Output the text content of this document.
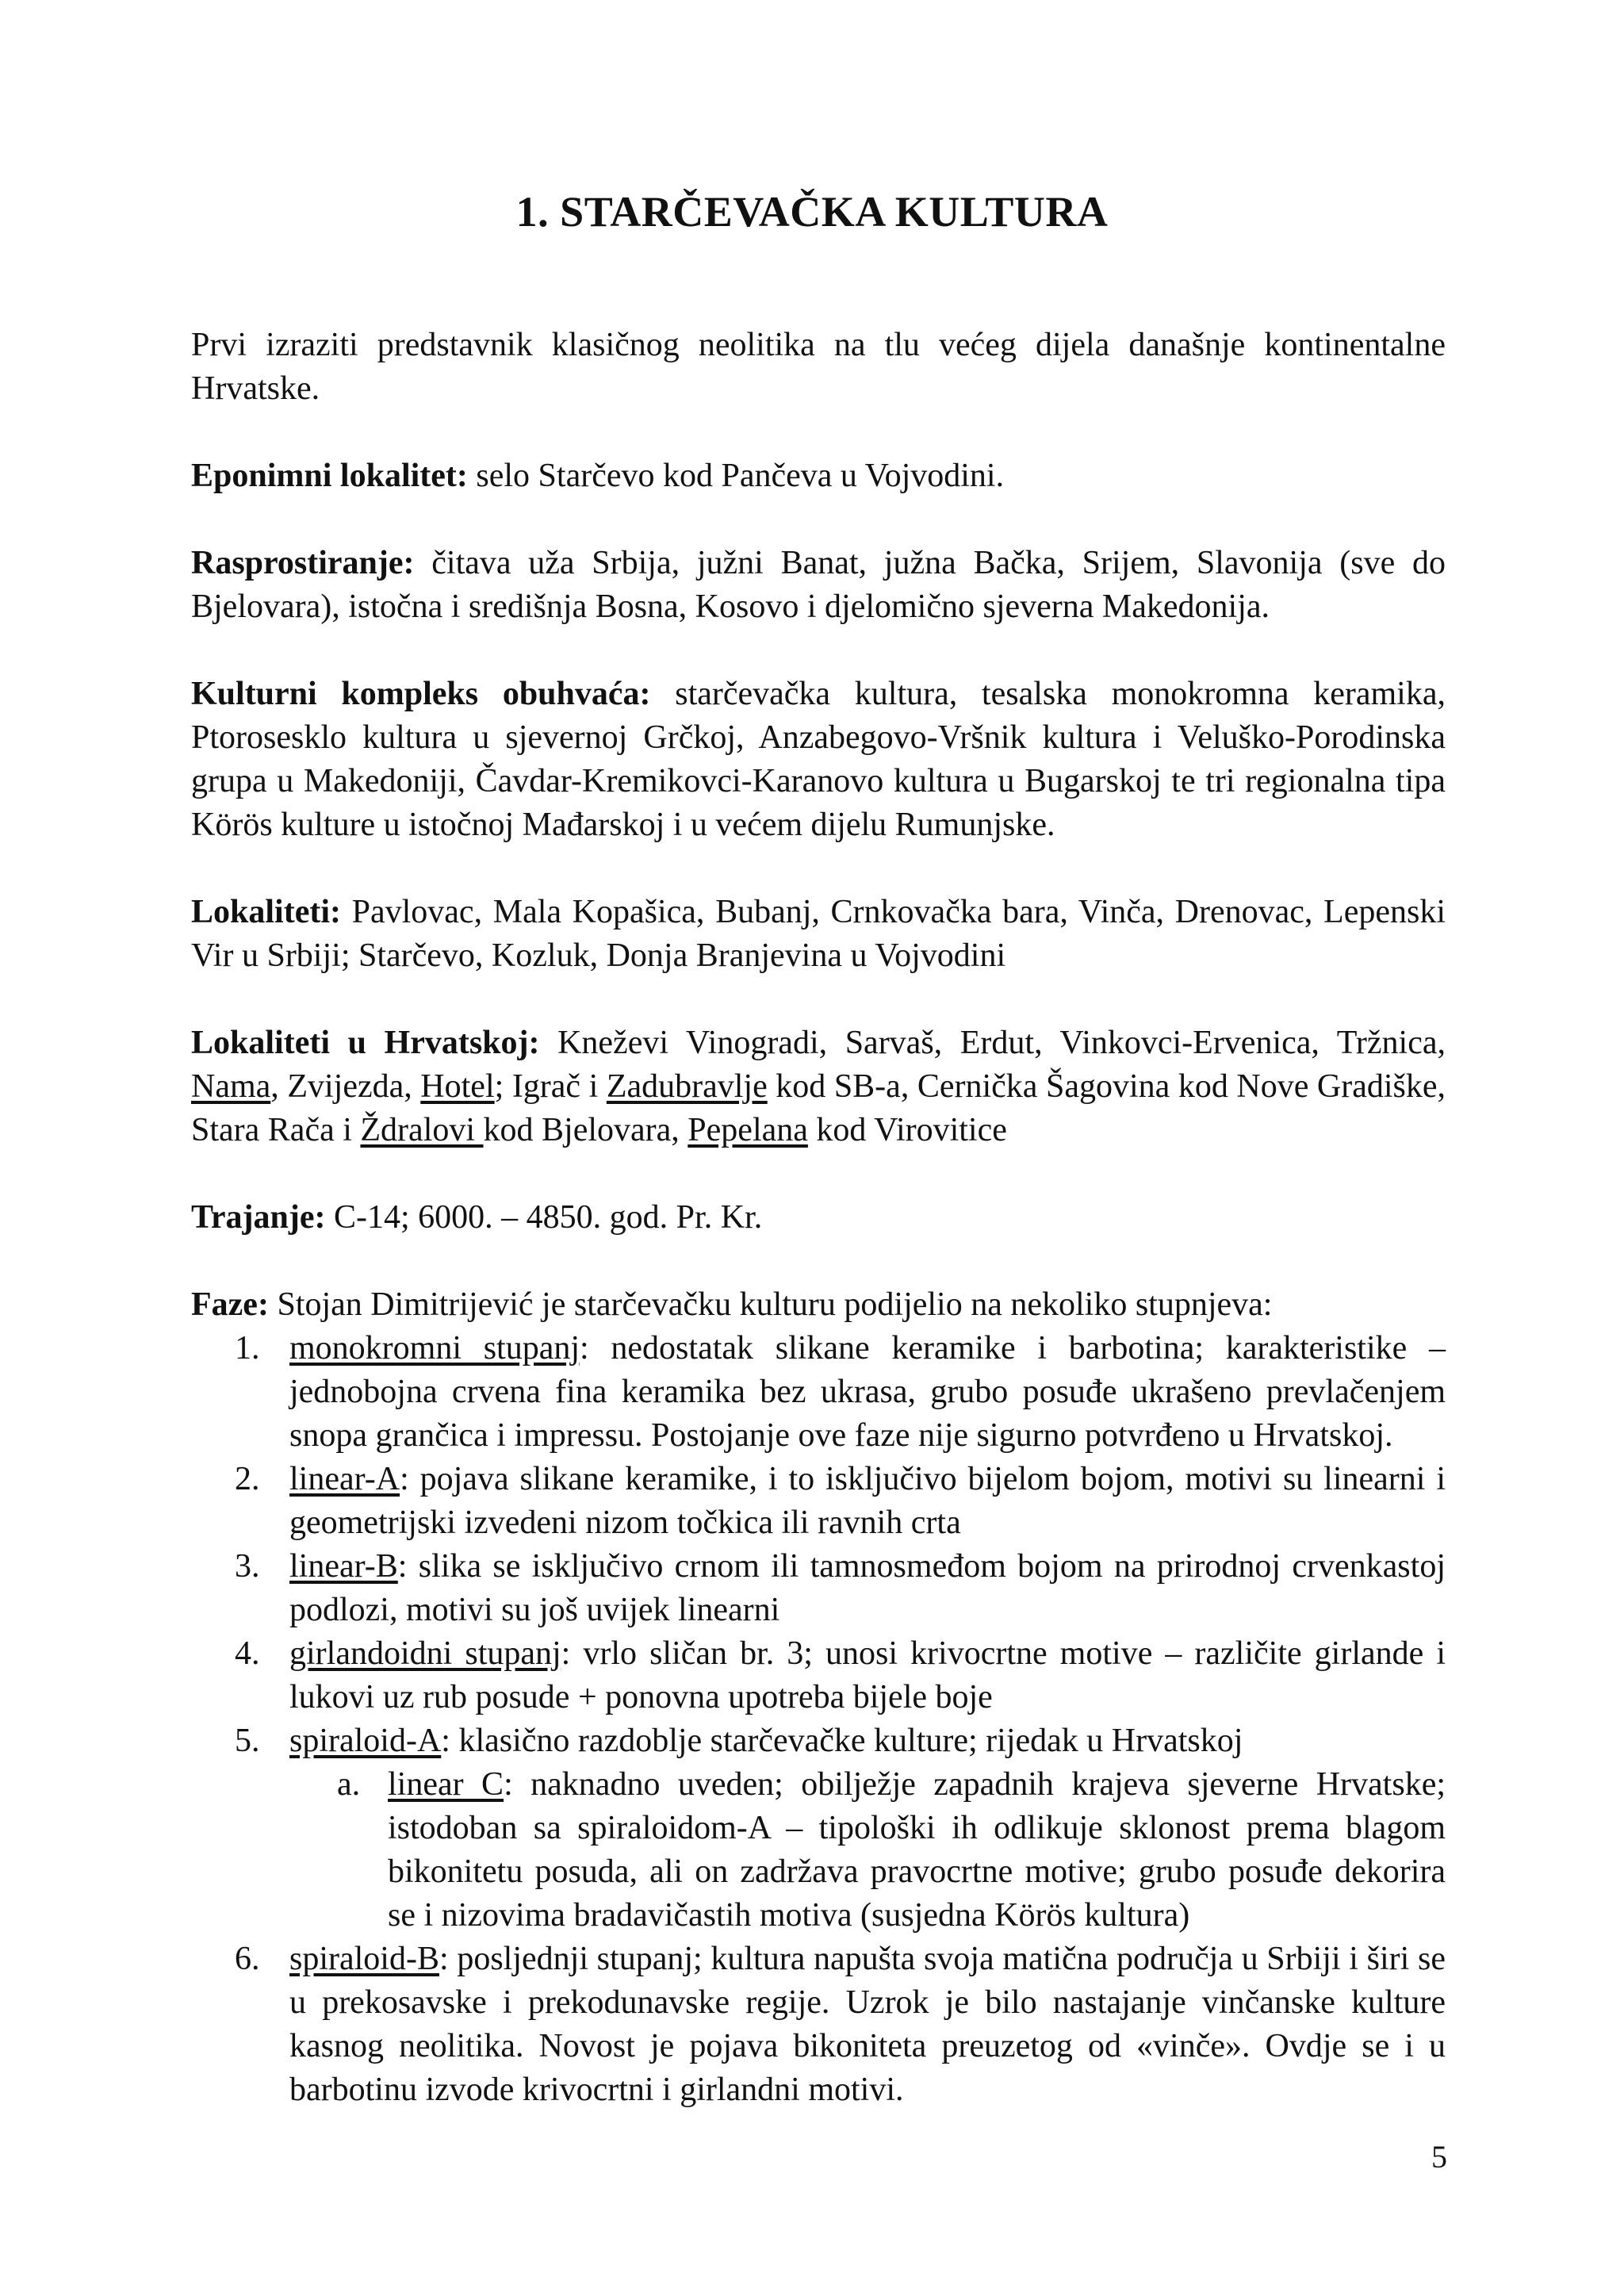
1. STARČEVAČKA KULTURA

Prvi izraziti predstavnik klasičnog neolitika na tlu većeg dijela današnje kontinentalne Hrvatske.

Eponimni lokalitet: selo Starčevo kod Pančeva u Vojvodini.

Rasprostiranje: čitava uža Srbija, južni Banat, južna Bačka, Srijem, Slavonija (sve do Bjelovara), istočna i središnja Bosna, Kosovo i djelomično sjeverna Makedonija.

Kulturni kompleks obuhvaća: starčevačka kultura, tesalska monokromna keramika, Ptorosesklo kultura u sjevernoj Grčkoj, Anzabegovo-Vršnik kultura i Veluško-Porodinska grupa u Makedoniji, Čavdar-Kremikovci-Karanovo kultura u Bugarskoj te tri regionalna tipa Körös kulture u istočnoj Mađarskoj i u većem dijelu Rumunjske.

Lokaliteti: Pavlovac, Mala Kopašica, Bubanj, Crnkovačka bara, Vinča, Drenovac, Lepenski Vir u Srbiji; Starčevo, Kozluk, Donja Branjevina u Vojvodini

Lokaliteti u Hrvatskoj: Kneževi Vinogradi, Sarvaš, Erdut, Vinkovci-Ervenica, Tržnica, Nama, Zvijezda, Hotel; Igrač i Zadubravlje kod SB-a, Cernička Šagovina kod Nove Gradiške, Stara Rača i Ždralovi kod Bjelovara, Pepelana kod Virovitice

Trajanje: C-14; 6000. – 4850. god. Pr. Kr.

Faze: Stojan Dimitrijević je starčevačku kulturu podijelio na nekoliko stupnjeva:

1. monokromni stupanj: nedostatak slikane keramike i barbotina; karakteristike – jednobojna crvena fina keramika bez ukrasa, grubo posuđe ukrašeno prevlačenjem snopa grančica i impressu. Postojanje ove faze nije sigurno potvrđeno u Hrvatskoj.
2. linear-A: pojava slikane keramike, i to isključivo bijelom bojom, motivi su linearni i geometrijski izvedeni nizom točkica ili ravnih crta
3. linear-B: slika se isključivo crnom ili tamnosmeđom bojom na prirodnoj crvenkastoj podlozi, motivi su još uvijek linearni
4. girlandoidni stupanj: vrlo sličan br. 3; unosi krivocrtne motive – različite girlande i lukovi uz rub posude + ponovna upotreba bijele boje
5. spiraloid-A: klasično razdoblje starčevačke kulture; rijedak u Hrvatskoj
a. linear C: naknadno uveden; obilježje zapadnih krajeva sjeverne Hrvatske; istodoban sa spiraloidom-A – tipološki ih odlikuje sklonost prema blagom bikonitetu posuda, ali on zadržava pravocrtne motive; grubo posuđe dekorira se i nizovima bradavičastih motiva (susjedna Körös kultura)
6. spiraloid-B: posljednji stupanj; kultura napušta svoja matična područja u Srbiji i širi se u prekosavske i prekodunavske regije. Uzrok je bilo nastajanje vinčanske kulture kasnog neolitika. Novost je pojava bikoniteta preuzetog od «vinče». Ovdje se i u barbotinu izvode krivocrtni i girlandni motivi.
5
